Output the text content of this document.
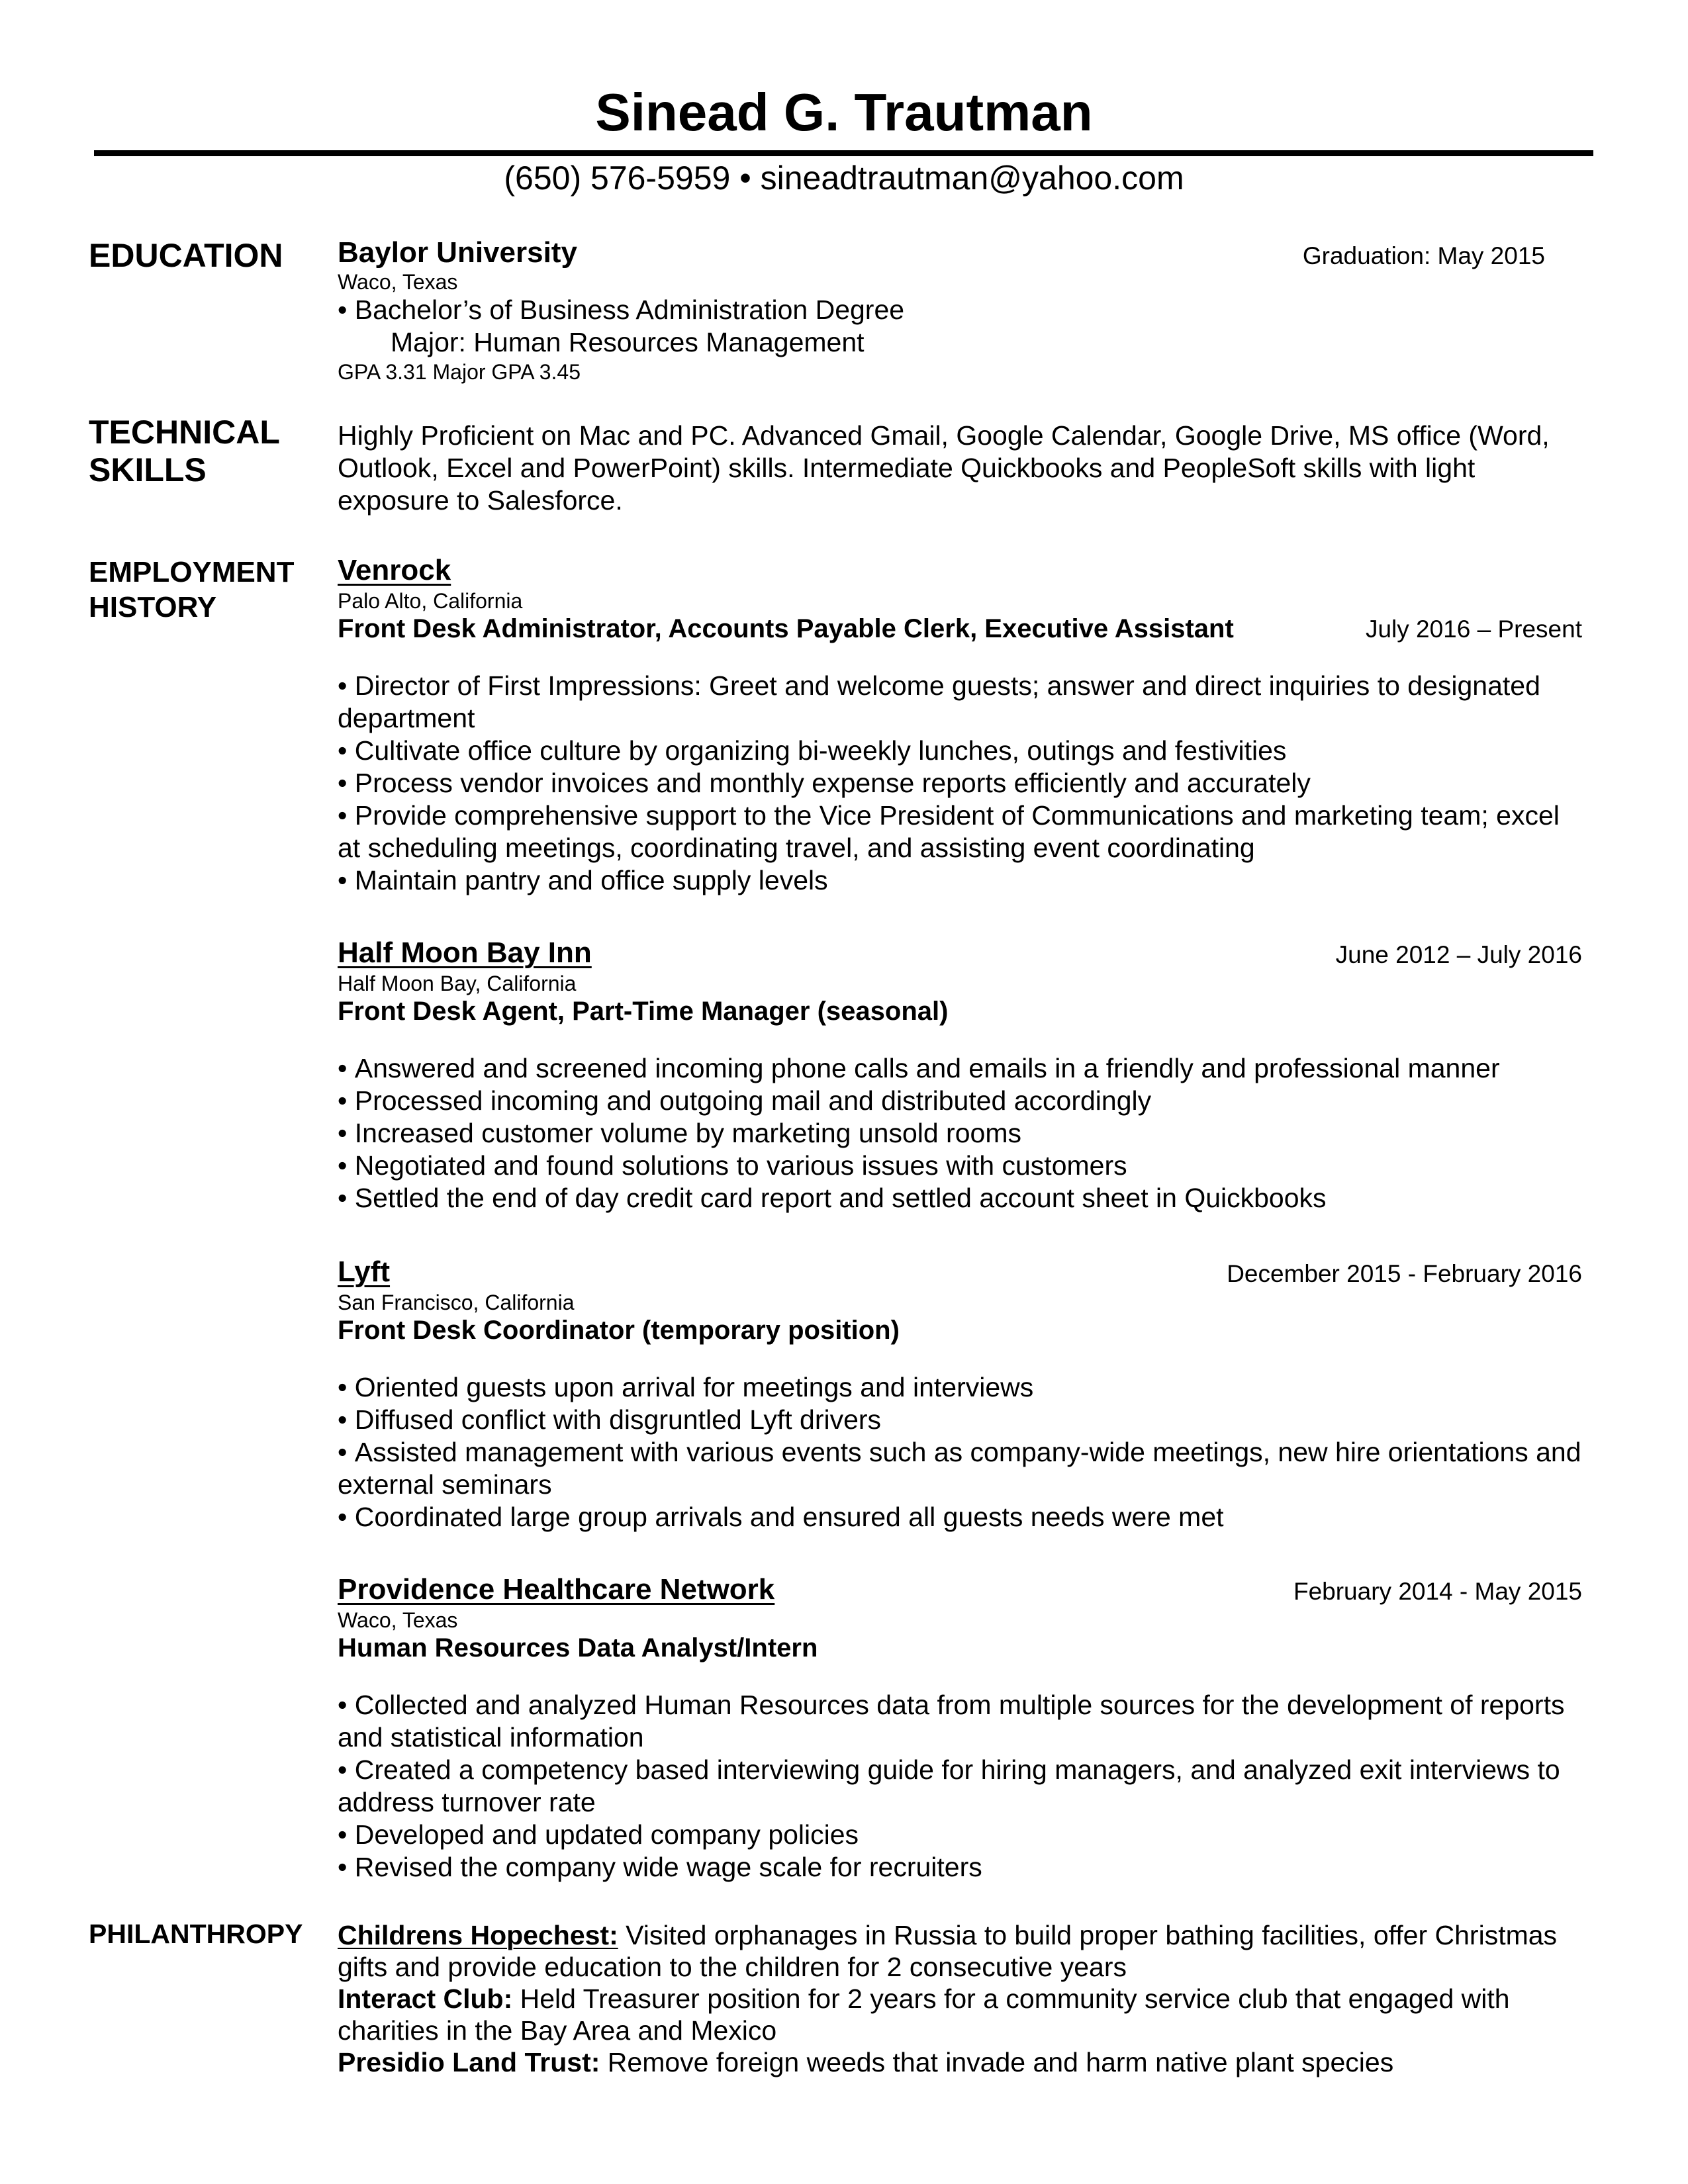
Sinead G. Trautman
(650) 576-5959 • sineadtrautman@yahoo.com
EDUCATION Baylor University	Graduation: May 2015
Waco, Texas
• Bachelor’s of Business Administration Degree
Major: Human Resources Management
GPA 3.31 Major GPA 3.45
TECHNICAL
SKILLS
Highly Proficient on Mac and PC. Advanced Gmail, Google Calendar, Google Drive, MS office (Word, Outlook, Excel and PowerPoint) skills. Intermediate Quickbooks and PeopleSoft skills with light exposure to Salesforce.
EMPLOYMENT
HISTORY
Venrock
Palo Alto, California
Front Desk Administrator, Accounts Payable Clerk, Executive Assistant	July 2016 – Present
• Director of First Impressions: Greet and welcome guests; answer and direct inquiries to designated department
• Cultivate office culture by organizing bi-weekly lunches, outings and festivities
• Process vendor invoices and monthly expense reports efficiently and accurately
• Provide comprehensive support to the Vice President of Communications and marketing team; excel at scheduling meetings, coordinating travel, and assisting event coordinating
• Maintain pantry and office supply levels
Half Moon Bay Inn	June 2012 – July 2016
Half Moon Bay, California
Front Desk Agent, Part-Time Manager (seasonal)
• Answered and screened incoming phone calls and emails in a friendly and professional manner
• Processed incoming and outgoing mail and distributed accordingly
• Increased customer volume by marketing unsold rooms
• Negotiated and found solutions to various issues with customers
• Settled the end of day credit card report and settled account sheet in Quickbooks
Lyft	December 2015 - February 2016
San Francisco, California
Front Desk Coordinator (temporary position)
• Oriented guests upon arrival for meetings and interviews
• Diffused conflict with disgruntled Lyft drivers
• Assisted management with various events such as company-wide meetings, new hire orientations and external seminars
• Coordinated large group arrivals and ensured all guests needs were met
Providence Healthcare Network	February 2014 - May 2015
Waco, Texas
Human Resources Data Analyst/Intern
• Collected and analyzed Human Resources data from multiple sources for the development of reports and statistical information
• Created a competency based interviewing guide for hiring managers, and analyzed exit interviews to address turnover rate
• Developed and updated company policies
• Revised the company wide wage scale for recruiters
PHILANTHROPY Childrens Hopechest: Visited orphanages in Russia to build proper bathing facilities, offer Christmas gifts and provide education to the children for 2 consecutive years
Interact Club: Held Treasurer position for 2 years for a community service club that engaged with charities in the Bay Area and Mexico
Presidio Land Trust: Remove foreign weeds that invade and harm native plant species
